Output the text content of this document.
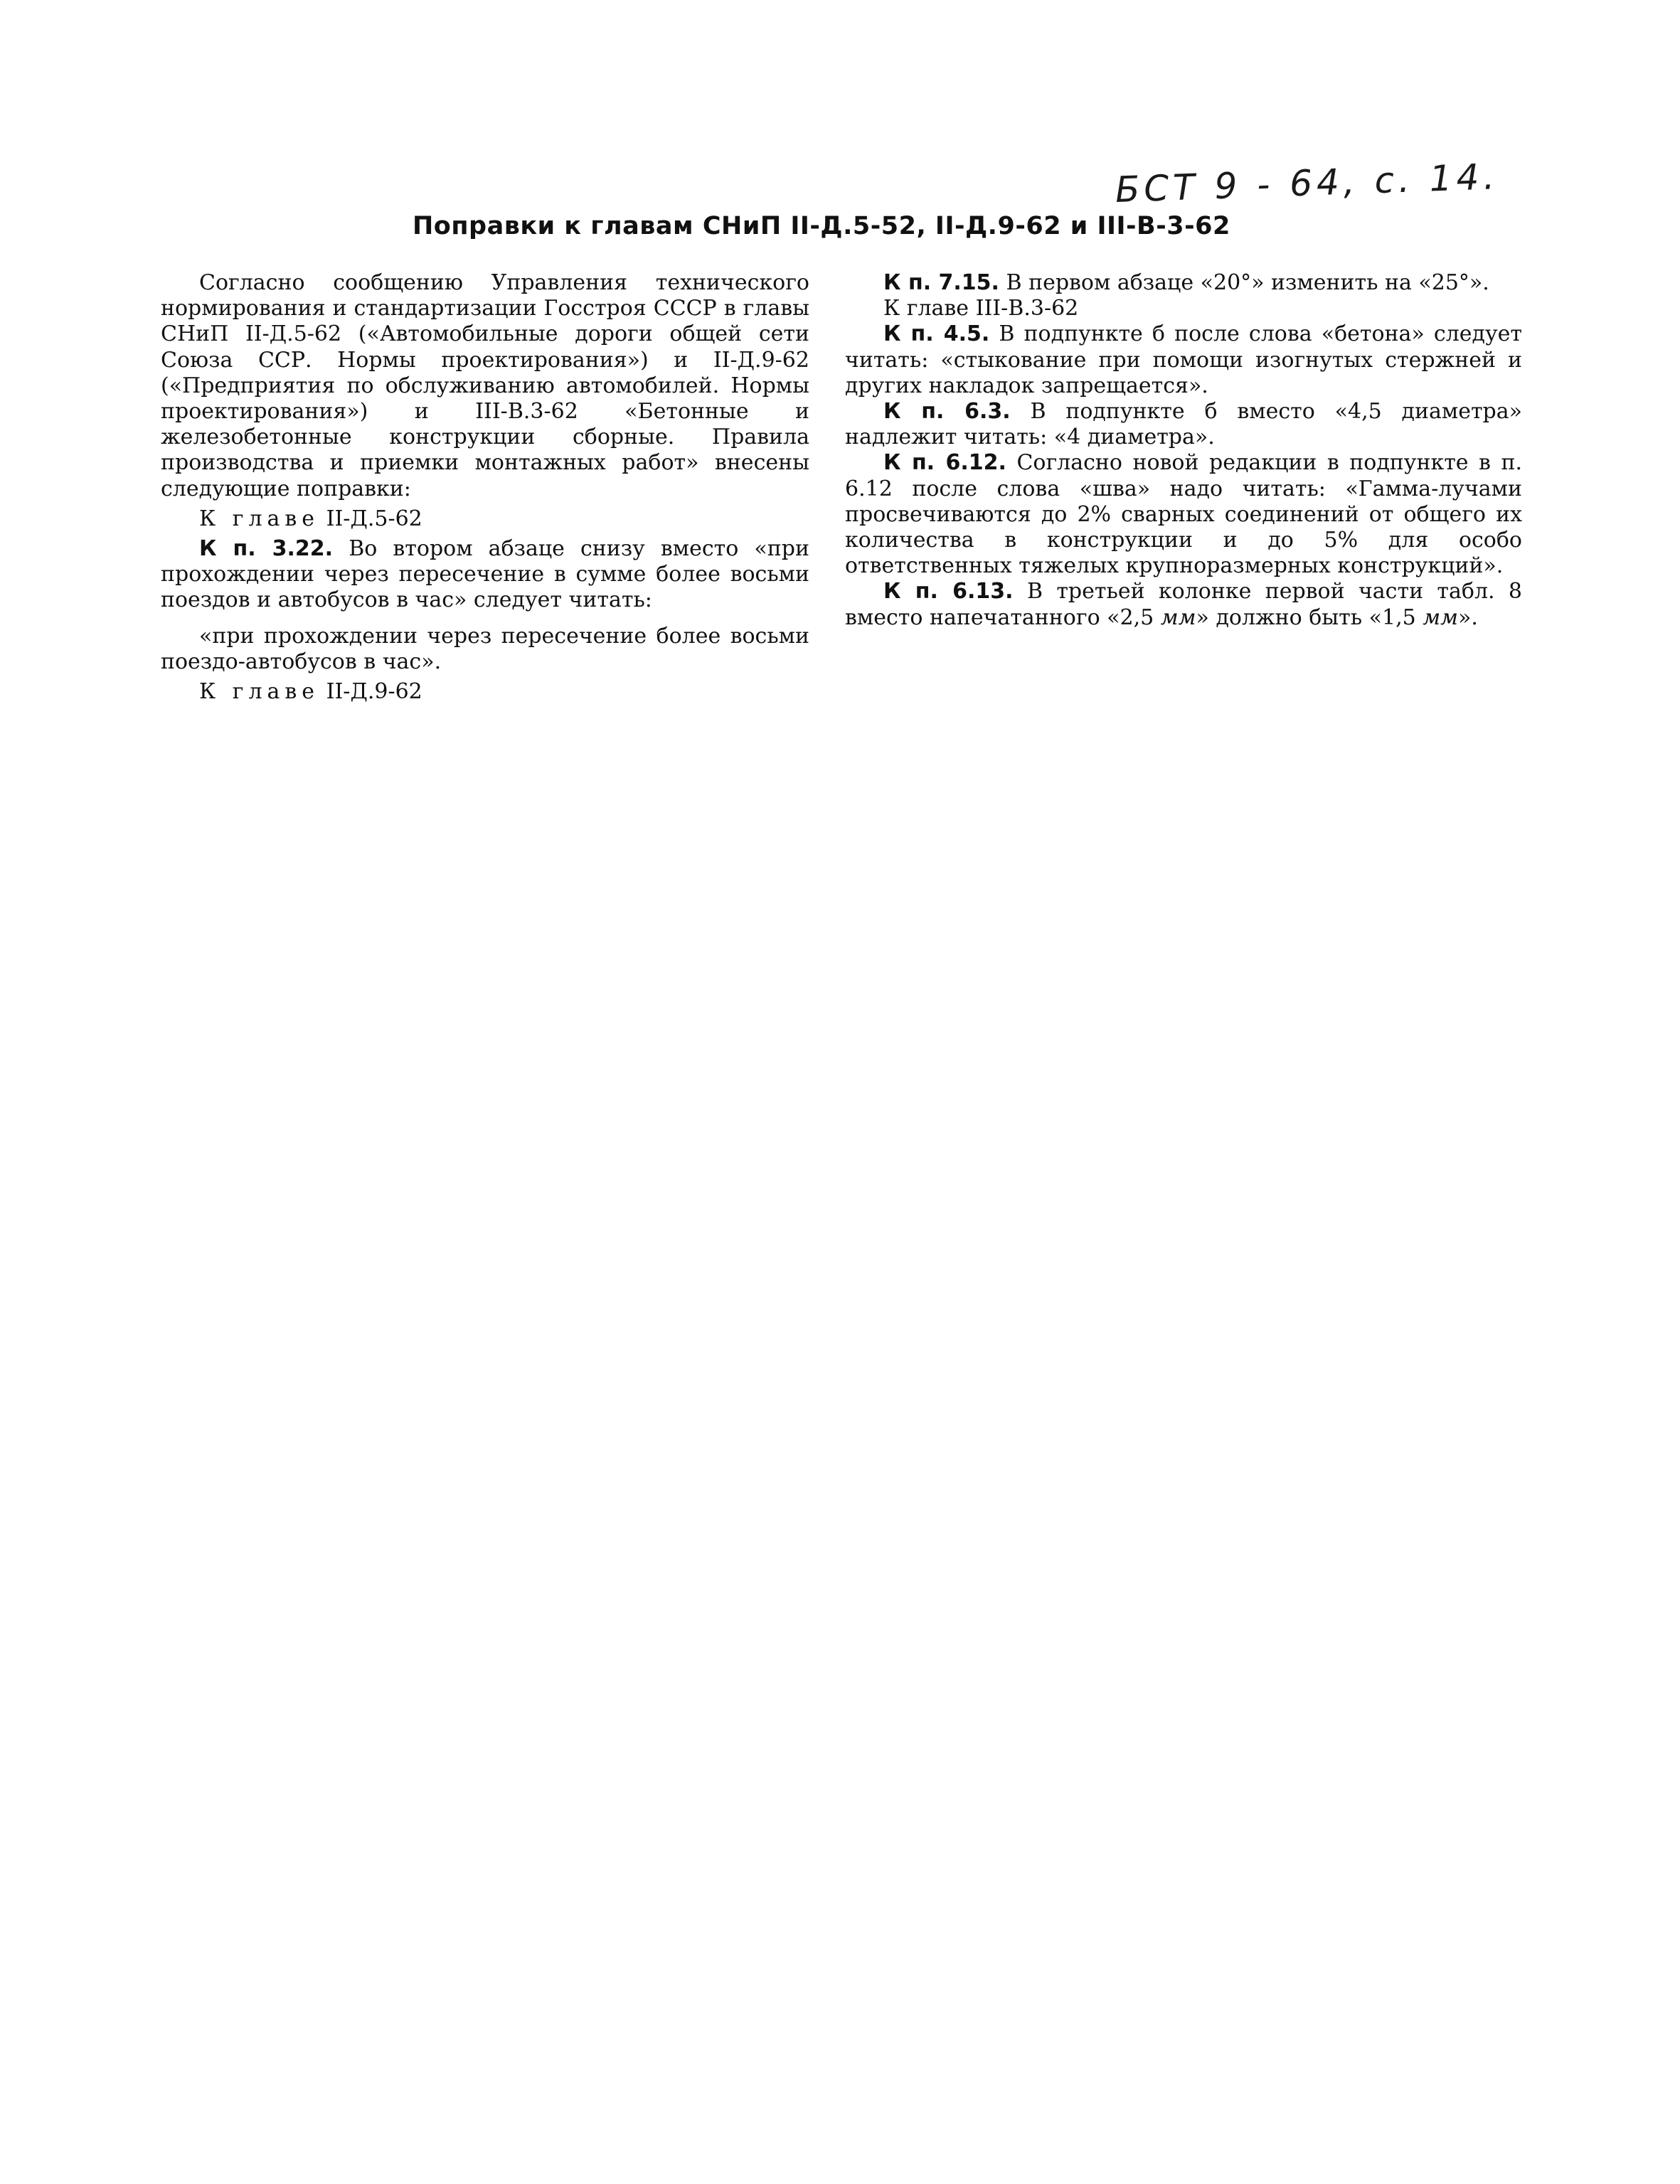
БСТ 9 - 64, с. 14.
Поправки к главам СНиП II-Д.5-52, II-Д.9-62 и III-В-3-62

Согласно сообщению Управления технического нормирования и стандартизации Госстроя СССР в главы СНиП II-Д.5-62 («Автомобильные дороги общей сети Союза ССР. Нормы проектирования») и II-Д.9-62 («Предприятия по обслуживанию автомобилей. Нормы проектирования») и III-В.3-62 «Бетонные и железобетонные конструкции сборные. Правила производства и приемки монтажных работ» внесены следующие поправки:

К главе II-Д.5-62

К п. 3.22. Во втором абзаце снизу вместо «при прохождении через пересечение в сумме более восьми поездов и автобусов в час» следует читать:

«при прохождении через пересечение более восьми поездо-автобусов в час».

К главе II-Д.9-62

К п. 7.15. В первом абзаце «20°» изменить на «25°».

К главе III-В.3-62

К п. 4.5. В подпункте б после слова «бетона» следует читать: «стыкование при помощи изогнутых стержней и других накладок запрещается».

К п. 6.3. В подпункте б вместо «4,5 диаметра» надлежит читать: «4 диаметра».

К п. 6.12. Согласно новой редакции в подпункте в п. 6.12 после слова «шва» надо читать: «Гамма-лучами просвечиваются до 2% сварных соединений от общего их количества в конструкции и до 5% для особо ответственных тяжелых крупноразмерных конструкций».

К п. 6.13. В третьей колонке первой части табл. 8 вместо напечатанного «2,5 мм» должно быть «1,5 мм».
